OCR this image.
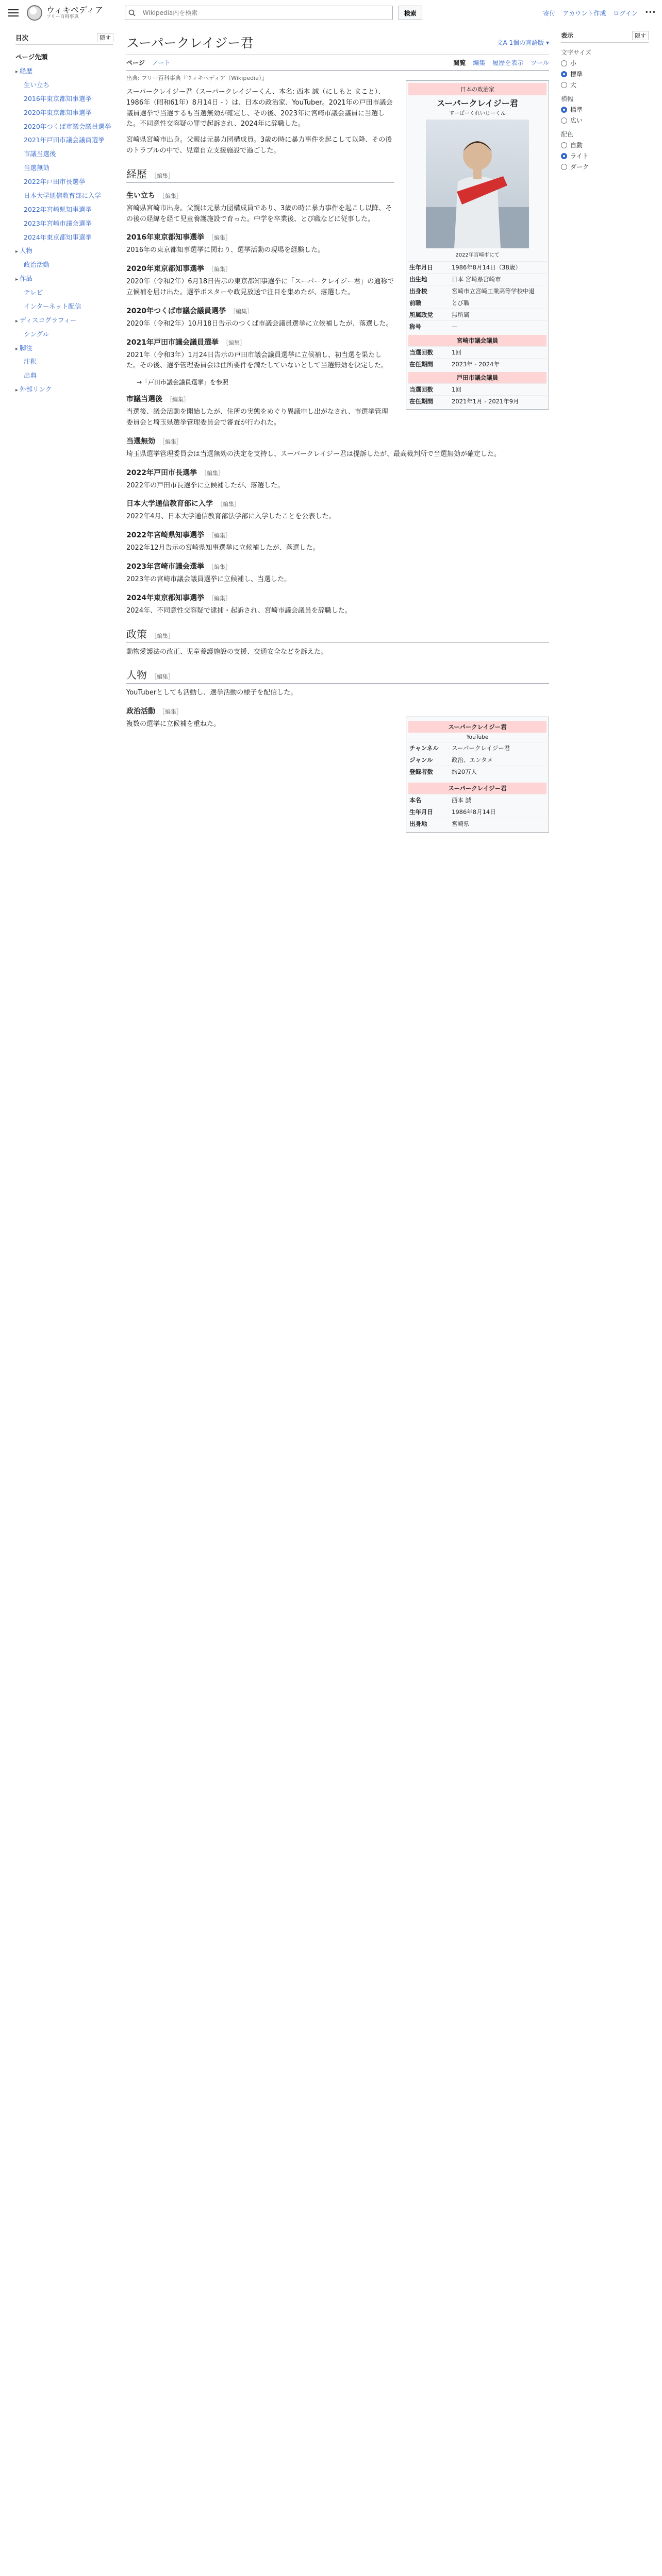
ウィキペディア
フリー百科事典
Wikipedia内を検索
検索	寄付 アカウント作成 ログイン •••
目次	隠す
ページ先頭
▸ 経歴
生い立ち
2016年東京都知事選挙
2020年東京都知事選挙
2020年つくば市議会議員選挙
2021年戸田市議会議員選挙
市議当選後
当選無効
2022年戸田市長選挙
日本大学通信教育部に入学
2022年宮崎県知事選挙
2023年宮崎市議会選挙
2024年東京都知事選挙
▸ 人物
政治活動
▸ 作品
テレビ
インターネット配信
▸ ディスコグラフィー
シングル
▸ 脚注
注釈
出典
▸ 外部リンク
スーパークレイジー君	文A 1個の言語版 ▾
ページ ノート	閲覧 編集 履歴を表示 ツール
出典: フリー百科事典『ウィキペディア（Wikipedia）』

スーパークレイジー君（スーパークレイジーくん、本名: 西本 誠（にしもと まこと）、1986年（昭和61年）8月14日 - ）は、日本の政治家、YouTuber。2021年の戸田市議会議員選挙で当選するも当選無効が確定し、その後、2023年に宮崎市議会議員に当選した。不同意性交容疑の罪で起訴され、2024年に辞職した。

宮崎県宮崎市出身。父親は元暴力団構成員。3歳の時に暴力事件を起こして以降、その後のトラブルの中で、児童自立支援施設で過ごした。

経歴 ［編集］
生い立ち ［編集］

宮崎県宮崎市出身。父親は元暴力団構成員であり、3歳の時に暴力事件を起こし以降、その後の経緯を経て児童養護施設で育った。中学を卒業後、とび職などに従事した。

2016年東京都知事選挙 ［編集］

2016年の東京都知事選挙に関わり、選挙活動の現場を経験した。

2020年東京都知事選挙 ［編集］

2020年（令和2年）6月18日告示の東京都知事選挙に「スーパークレイジー君」の通称で立候補を届け出た。選挙ポスターや政見放送で注目を集めたが、落選した。

2020年つくば市議会議員選挙 ［編集］

2020年（令和2年）10月18日告示のつくば市議会議員選挙に立候補したが、落選した。

2021年戸田市議会議員選挙 ［編集］

2021年（令和3年）1月24日告示の戸田市議会議員選挙に立候補し、初当選を果たした。その後、選挙管理委員会は住所要件を満たしていないとして当選無効を決定した。

→「戸田市議会議員選挙」を参照
市議当選後 ［編集］

当選後、議会活動を開始したが、住所の実態をめぐり異議申し出がなされ、市選挙管理委員会と埼玉県選挙管理委員会で審査が行われた。

当選無効 ［編集］

埼玉県選挙管理委員会は当選無効の決定を支持し、スーパークレイジー君は提訴したが、最高裁判所で当選無効が確定した。

2022年戸田市長選挙 ［編集］

2022年の戸田市長選挙に立候補したが、落選した。

日本大学通信教育部に入学 ［編集］

2022年4月、日本大学通信教育部法学部に入学したことを公表した。

2022年宮崎県知事選挙 ［編集］

2022年12月告示の宮崎県知事選挙に立候補したが、落選した。

2023年宮崎市議会選挙 ［編集］

2023年の宮崎市議会議員選挙に立候補し、当選した。

2024年東京都知事選挙 ［編集］

2024年、不同意性交容疑で逮捕・起訴され、宮崎市議会議員を辞職した。

政策 ［編集］

動物愛護法の改正、児童養護施設の支援、交通安全などを訴えた。

人物 ［編集］

YouTuberとしても活動し、選挙活動の様子を配信した。

政治活動 ［編集］

複数の選挙に立候補を重ねた。

日本の政治家
スーパークレイジー君
すーぱーくれいじーくん
2022年宮崎市にて
生年月日	1986年8月14日（38歳）
出生地	日本 宮崎県宮崎市
出身校	宮崎市立宮崎工業高等学校中退
前職	とび職
所属政党	無所属
称号	—
宮崎市議会議員
当選回数	1回
在任期間	2023年 - 2024年
戸田市議会議員
当選回数	1回
在任期間	2021年1月 - 2021年9月
スーパークレイジー君
YouTube
チャンネル	スーパークレイジー君
ジャンル	政治、エンタメ
登録者数	約20万人
スーパークレイジー君
本名	西本 誠
生年月日	1986年8月14日
出身地	宮崎県
表示	隠す
文字サイズ
小
標準
大
横幅
標準
広い
配色
自動
ライト
ダーク
